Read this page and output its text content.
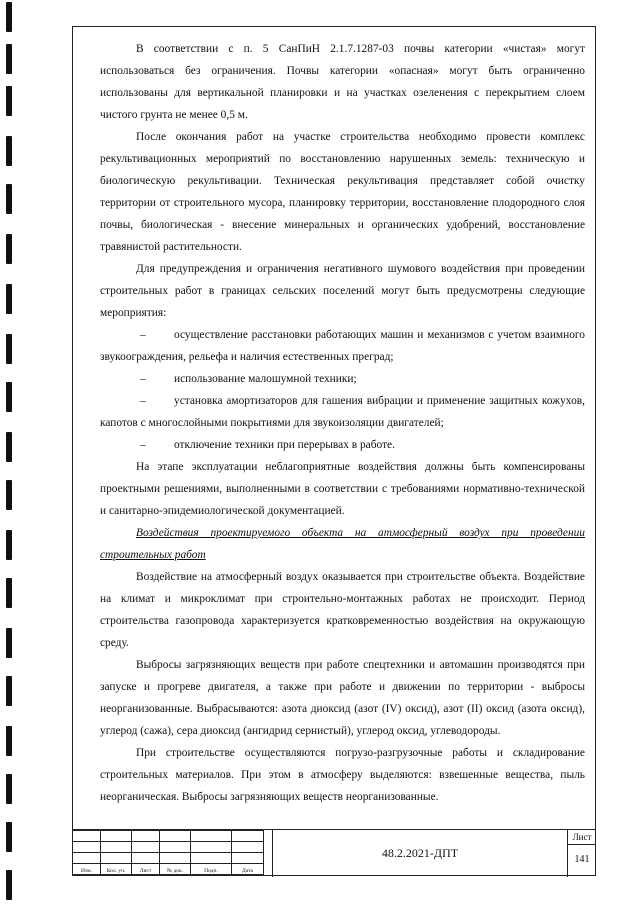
В соответствии с п. 5 СанПиН 2.1.7.1287-03 почвы категории «чистая» могут использоваться без ограничения. Почвы категории «опасная» могут быть ограниченно использованы для вертикальной планировки и на участках озеленения с перекрытием слоем чистого грунта не менее 0,5 м.

После окончания работ на участке строительства необходимо провести комплекс рекультивационных мероприятий по восстановлению нарушенных земель: техническую и биологическую рекультивации. Техническая рекультивация представляет собой очистку территории от строительного мусора, планировку территории, восстановление плодородного слоя почвы, биологическая - внесение минеральных и органических удобрений, восстановление травянистой растительности.

Для предупреждения и ограничения негативного шумового воздействия при проведении строительных работ в границах сельских поселений могут быть предусмотрены следующие мероприятия:

– осуществление расстановки работающих машин и механизмов с учетом взаимного звукоограждения, рельефа и наличия естественных преград;

– использование малошумной техники;

– установка амортизаторов для гашения вибрации и применение защитных кожухов, капотов с многослойными покрытиями для звукоизоляции двигателей;

– отключение техники при перерывах в работе.

На этапе эксплуатации неблагоприятные воздействия должны быть компенсированы проектными решениями, выполненными в соответствии с требованиями нормативно-технической и санитарно-эпидемиологической документацией.

Воздействия проектируемого объекта на атмосферный воздух при проведении строительных работ

Воздействие на атмосферный воздух оказывается при строительстве объекта. Воздействие на климат и микроклимат при строительно-монтажных работах не происходит. Период строительства газопровода характеризуется кратковременностью воздействия на окружающую среду.

Выбросы загрязняющих веществ при работе спецтехники и автомашин производятся при запуске и прогреве двигателя, а также при работе и движении по территории - выбросы неорганизованные. Выбрасываются: азота диоксид (азот (IV) оксид), азот (II) оксид (азота оксид), углерод (сажа), сера диоксид (ангидрид сернистый), углерод оксид, углеводороды.

При строительстве осуществляются погрузо-разгрузочные работы и складирование строительных материалов. При этом в атмосферу выделяются: взвешенные вещества, пыль неорганическая. Выбросы загрязняющих веществ неорганизованные.

Изм.	Кол. уч.	Лист	№ док.	Подп.	Дата
48.2.2021-ДПТ
Лист
141
